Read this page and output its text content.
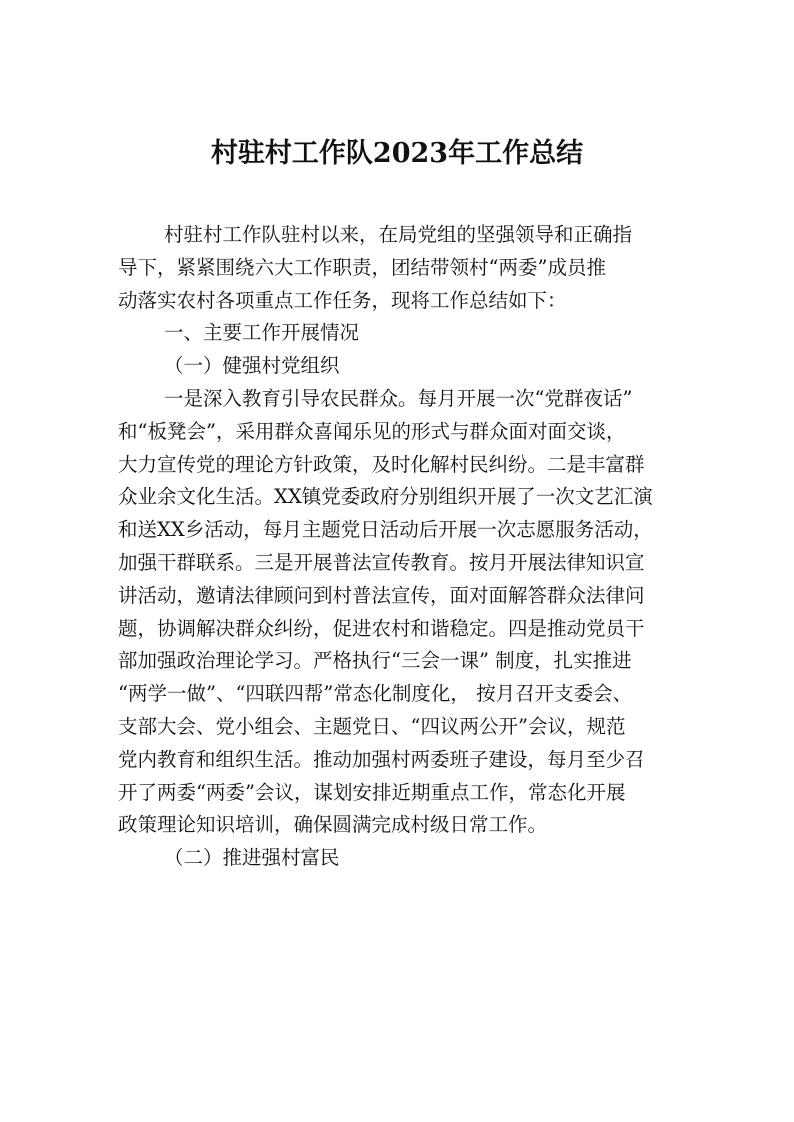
村驻村工作队2023年工作总结
村驻村工作队驻村以来，在局党组的坚强领导和正确指
导下，紧紧围绕六大工作职责，团结带领村“两委”成员推
动落实农村各项重点工作任务，现将工作总结如下：
一、主要工作开展情况
（一）健强村党组织
一是深入教育引导农民群众。每月开展一次“党群夜话”
和“板凳会”，采用群众喜闻乐见的形式与群众面对面交谈，
大力宣传党的理论方针政策，及时化解村民纠纷。二是丰富群
众业余文化生活。XX镇党委政府分别组织开展了一次文艺汇演
和送XX乡活动，每月主题党日活动后开展一次志愿服务活动，
加强干群联系。三是开展普法宣传教育。按月开展法律知识宣
讲活动，邀请法律顾问到村普法宣传，面对面解答群众法律问
题，协调解决群众纠纷，促进农村和谐稳定。四是推动党员干
部加强政治理论学习。严格执行“三会一课” 制度，扎实推进
“两学一做”、“四联四帮”常态化制度化， 按月召开支委会、
支部大会、党小组会、主题党日、“四议两公开”会议，规范
党内教育和组织生活。推动加强村两委班子建设，每月至少召
开了两委“两委”会议，谋划安排近期重点工作，常态化开展
政策理论知识培训，确保圆满完成村级日常工作。
（二）推进强村富民
